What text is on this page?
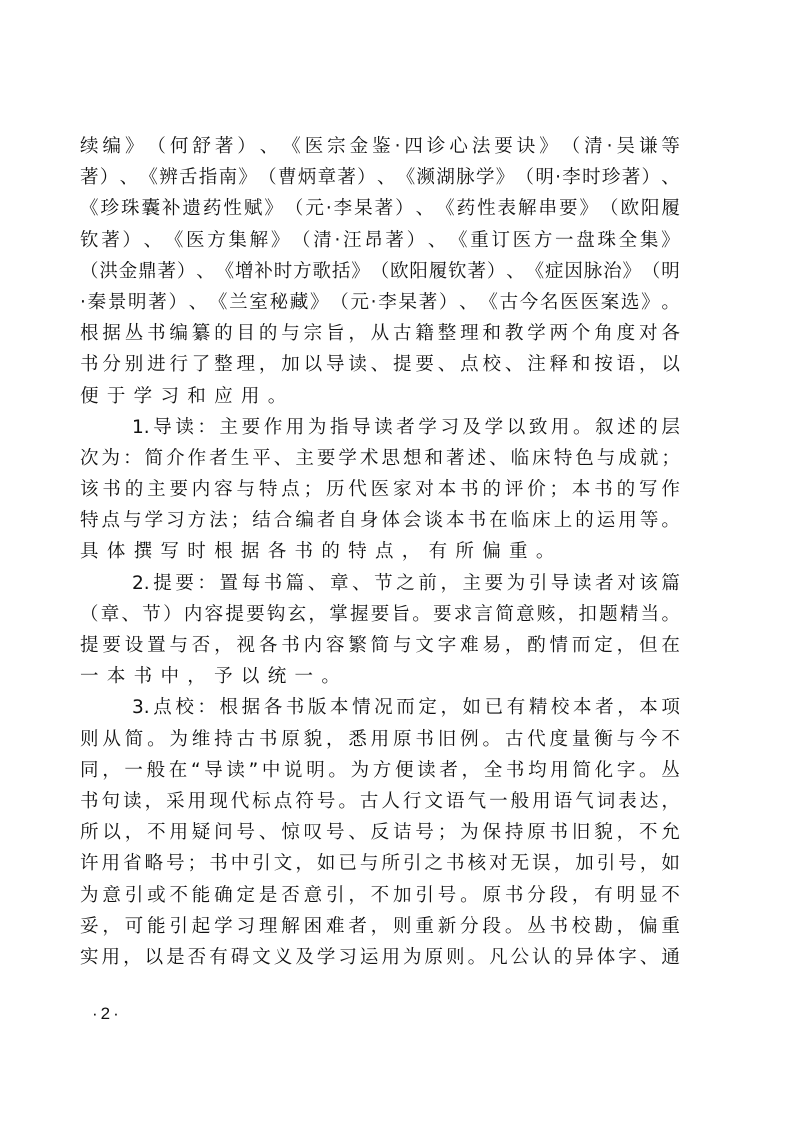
续 编 》 （ 何 舒 著 ） 、 《 医 宗 金 鉴 · 四 诊 心 法 要 诀 》 （ 清 · 吴 谦 等
著 ） 、 《 辨 舌 指 南 》 （ 曹 炳 章 著 ） 、 《 濒 湖 脉 学 》 （ 明 · 李 时 珍 著 ） 、
《 珍 珠 囊 补 遗 药 性 赋 》 （ 元 · 李 杲 著 ） 、 《 药 性 表 解 串 要 》 （ 欧 阳 履
钦 著 ） 、 《 医 方 集 解 》 （ 清 · 汪 昂 著 ） 、 《 重 订 医 方 一 盘 珠 全 集 》
（ 洪 金 鼎 著 ） 、 《 增 补 时 方 歌 括 》 （ 欧 阳 履 钦 著 ） 、 《 症 因 脉 治 》 （ 明
· 秦 景 明 著 ） 、 《 兰 室 秘 藏 》 （ 元 · 李 杲 著 ） 、 《 古 今 名 医 医 案 选 》 。
根 据 丛 书 编 纂 的 目 的 与 宗 旨 ， 从 古 籍 整 理 和 教 学 两 个 角 度 对 各
书 分 别 进 行 了 整 理 ， 加 以 导 读 、 提 要 、 点 校 、 注 释 和 按 语 ， 以
便 于 学 习 和 应 用 。
1. 导 读 ： 主 要 作 用 为 指 导 读 者 学 习 及 学 以 致 用 。 叙 述 的 层
次 为 ： 简 介 作 者 生 平 、 主 要 学 术 思 想 和 著 述 、 临 床 特 色 与 成 就 ；
该 书 的 主 要 内 容 与 特 点 ； 历 代 医 家 对 本 书 的 评 价 ； 本 书 的 写 作
特 点 与 学 习 方 法 ； 结 合 编 者 自 身 体 会 谈 本 书 在 临 床 上 的 运 用 等 。
具 体 撰 写 时 根 据 各 书 的 特 点 ， 有 所 偏 重 。
2. 提 要 ： 置 每 书 篇 、 章 、 节 之 前 ， 主 要 为 引 导 读 者 对 该 篇
（ 章 、 节 ） 内 容 提 要 钩 玄 ， 掌 握 要 旨 。 要 求 言 简 意 赅 ， 扣 题 精 当 。
提 要 设 置 与 否 ， 视 各 书 内 容 繁 简 与 文 字 难 易 ， 酌 情 而 定 ， 但 在
一 本 书 中 ， 予 以 统 一 。
3. 点 校 ： 根 据 各 书 版 本 情 况 而 定 ， 如 已 有 精 校 本 者 ， 本 项
则 从 简 。 为 维 持 古 书 原 貌 ， 悉 用 原 书 旧 例 。 古 代 度 量 衡 与 今 不
同 ， 一 般 在 “ 导 读 ” 中 说 明 。 为 方 便 读 者 ， 全 书 均 用 简 化 字 。 丛
书 句 读 ， 采 用 现 代 标 点 符 号 。 古 人 行 文 语 气 一 般 用 语 气 词 表 达 ，
所 以 ， 不 用 疑 问 号 、 惊 叹 号 、 反 诘 号 ； 为 保 持 原 书 旧 貌 ， 不 允
许 用 省 略 号 ； 书 中 引 文 ， 如 已 与 所 引 之 书 核 对 无 误 ， 加 引 号 ， 如
为 意 引 或 不 能 确 定 是 否 意 引 ， 不 加 引 号 。 原 书 分 段 ， 有 明 显 不
妥 ， 可 能 引 起 学 习 理 解 困 难 者 ， 则 重 新 分 段 。 丛 书 校 勘 ， 偏 重
实 用 ， 以 是 否 有 碍 文 义 及 学 习 运 用 为 原 则 。 凡 公 认 的 异 体 字 、 通
·2·
